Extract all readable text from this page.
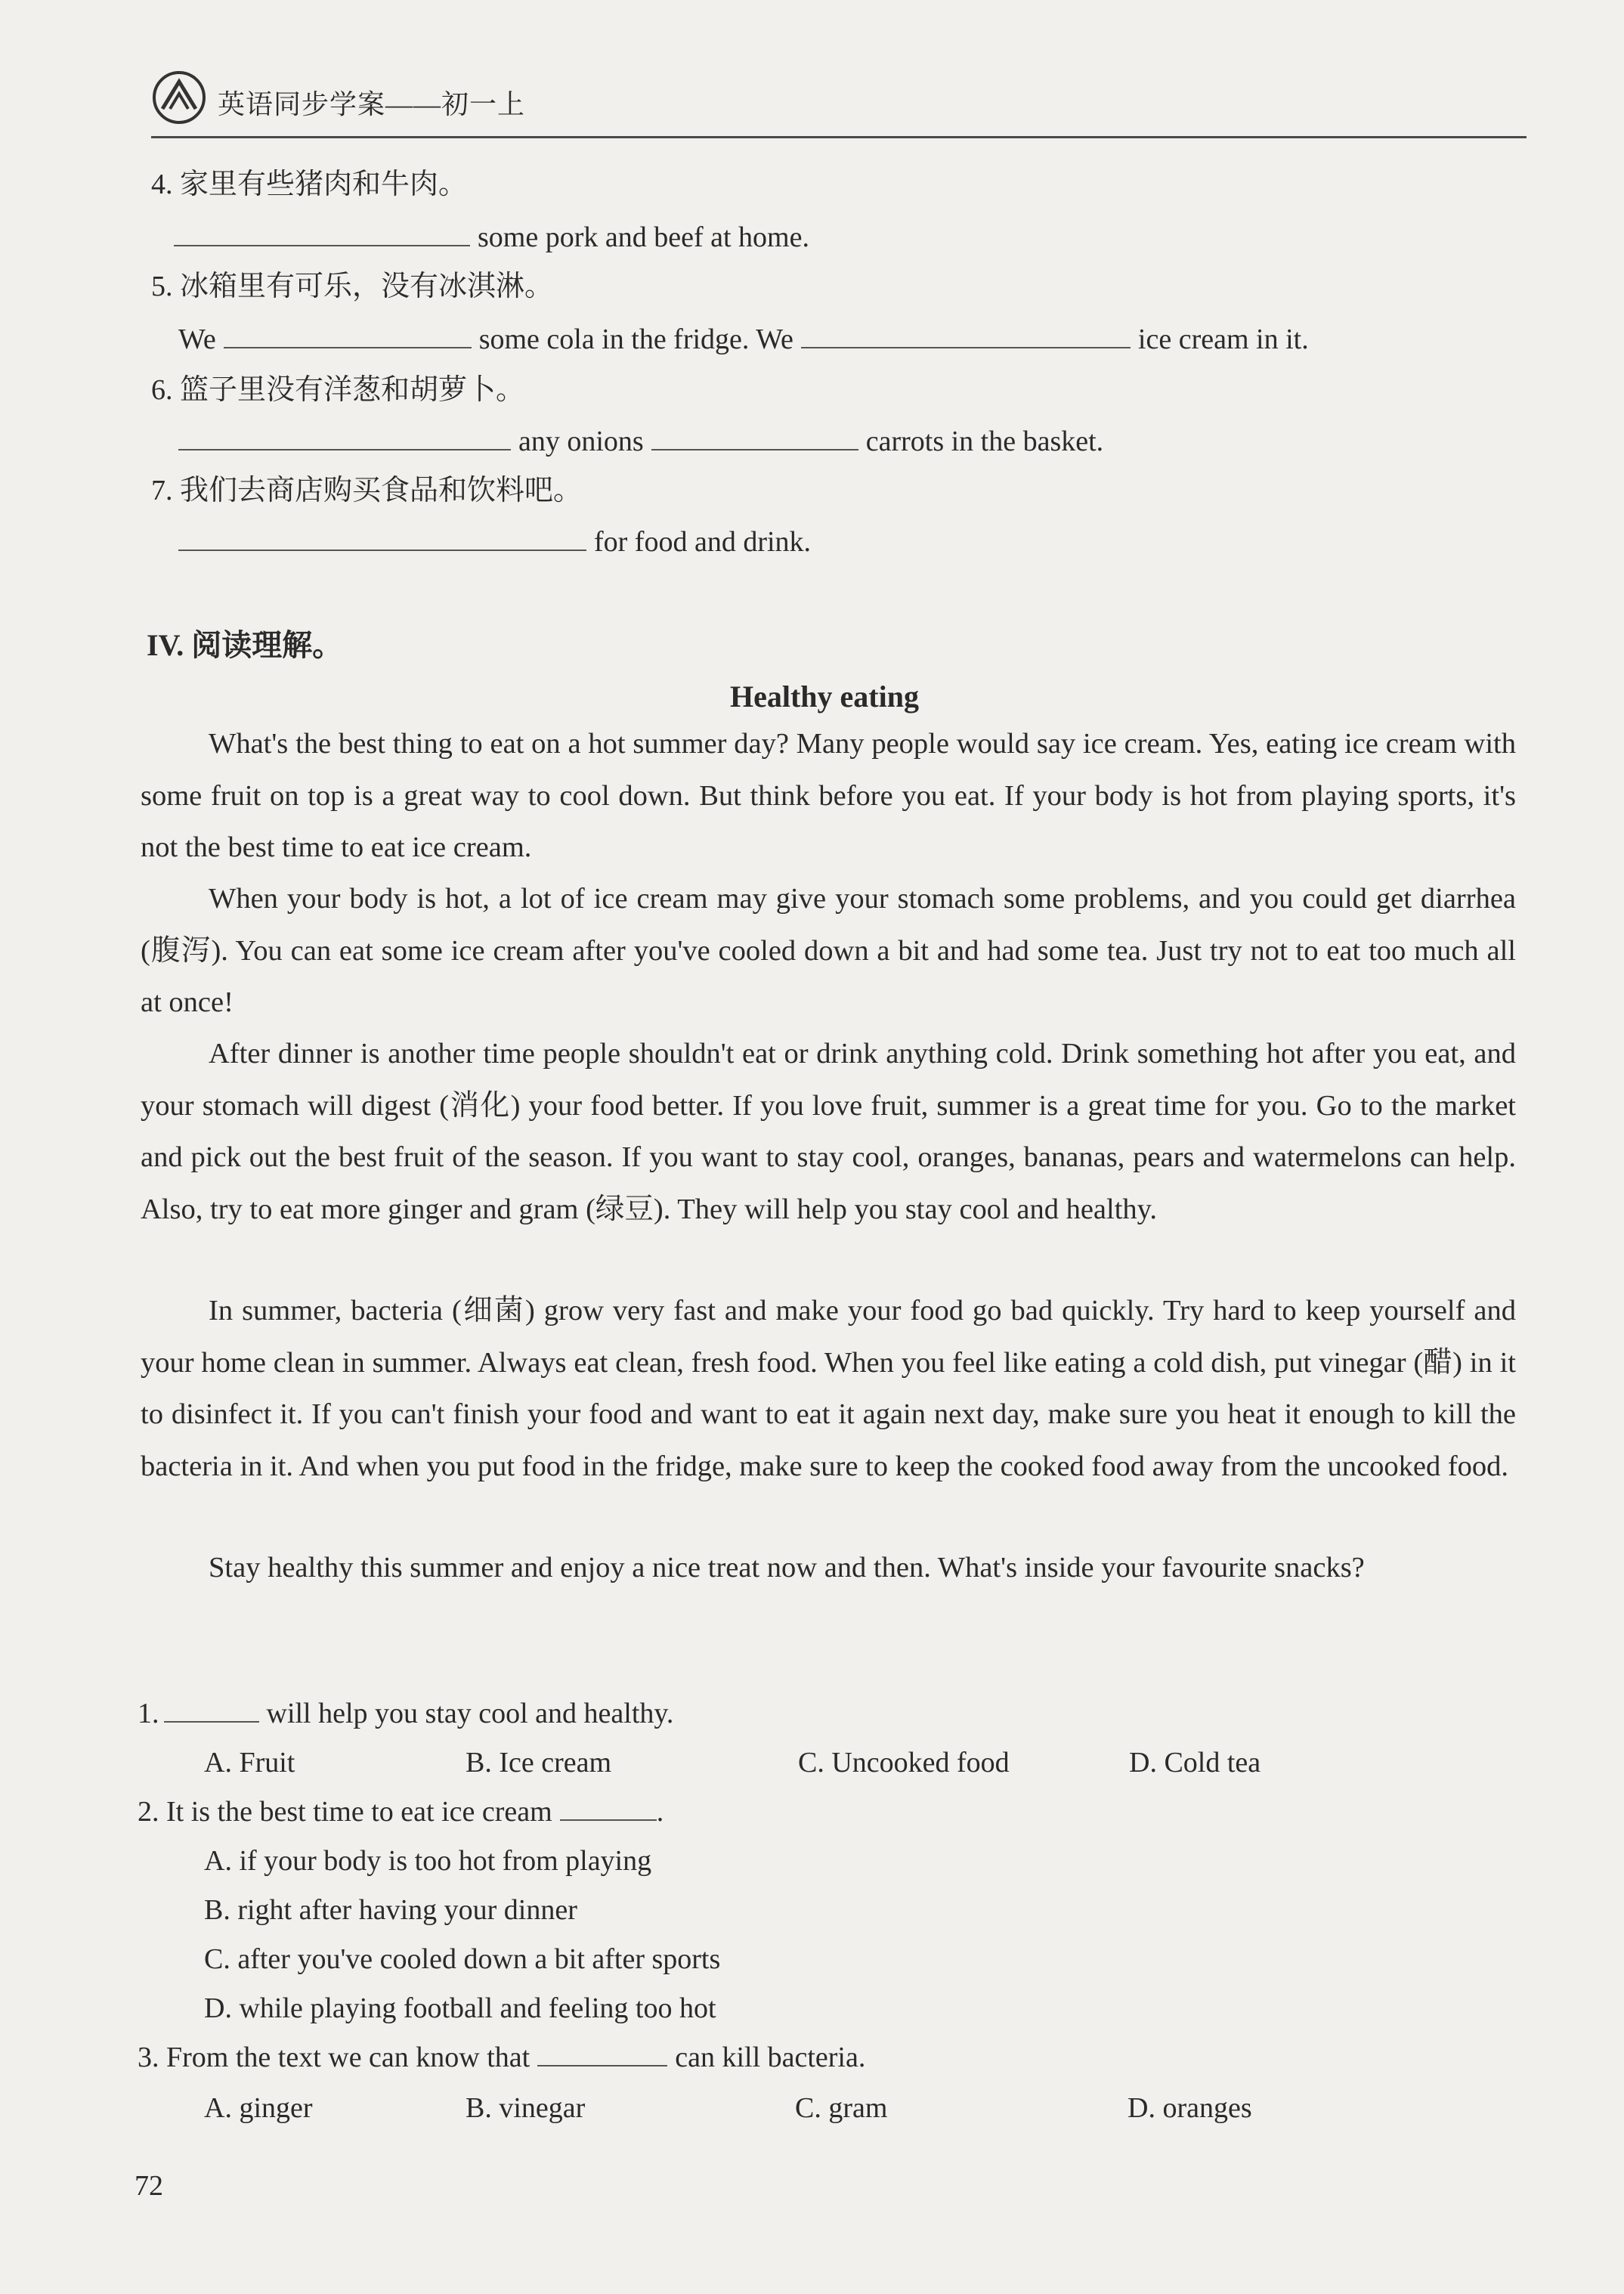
英语同步学案——初一上
4. 家里有些猪肉和牛肉。
some pork and beef at home.
5. 冰箱里有可乐，没有冰淇淋。
We	some cola in the fridge. We	ice cream in it.
6. 篮子里没有洋葱和胡萝卜。
any onions	carrots in the basket.
7. 我们去商店购买食品和饮料吧。
for food and drink.
IV. 阅读理解。
Healthy eating
What's the best thing to eat on a hot summer day? Many people would say ice cream. Yes, eating ice cream with some fruit on top is a great way to cool down. But think before you eat. If your body is hot from playing sports, it's not the best time to eat ice cream.
When your body is hot, a lot of ice cream may give your stomach some problems, and you could get diarrhea (腹泻). You can eat some ice cream after you've cooled down a bit and had some tea. Just try not to eat too much all at once!
After dinner is another time people shouldn't eat or drink anything cold. Drink something hot after you eat, and your stomach will digest (消化) your food better. If you love fruit, summer is a great time for you. Go to the market and pick out the best fruit of the season. If you want to stay cool, oranges, bananas, pears and watermelons can help. Also, try to eat more ginger and gram (绿豆). They will help you stay cool and healthy.
In summer, bacteria (细菌) grow very fast and make your food go bad quickly. Try hard to keep yourself and your home clean in summer. Always eat clean, fresh food. When you feel like eating a cold dish, put vinegar (醋) in it to disinfect it. If you can't finish your food and want to eat it again next day, make sure you heat it enough to kill the bacteria in it. And when you put food in the fridge, make sure to keep the cooked food away from the uncooked food.
Stay healthy this summer and enjoy a nice treat now and then. What's inside your favourite snacks?
1.	will help you stay cool and healthy.
A. Fruit	B. Ice cream	C. Uncooked food	D. Cold tea
2. It is the best time to eat ice cream	.
A. if your body is too hot from playing
B. right after having your dinner
C. after you've cooled down a bit after sports
D. while playing football and feeling too hot
3. From the text we can know that	can kill bacteria.
A. ginger	B. vinegar	C. gram	D. oranges
72
